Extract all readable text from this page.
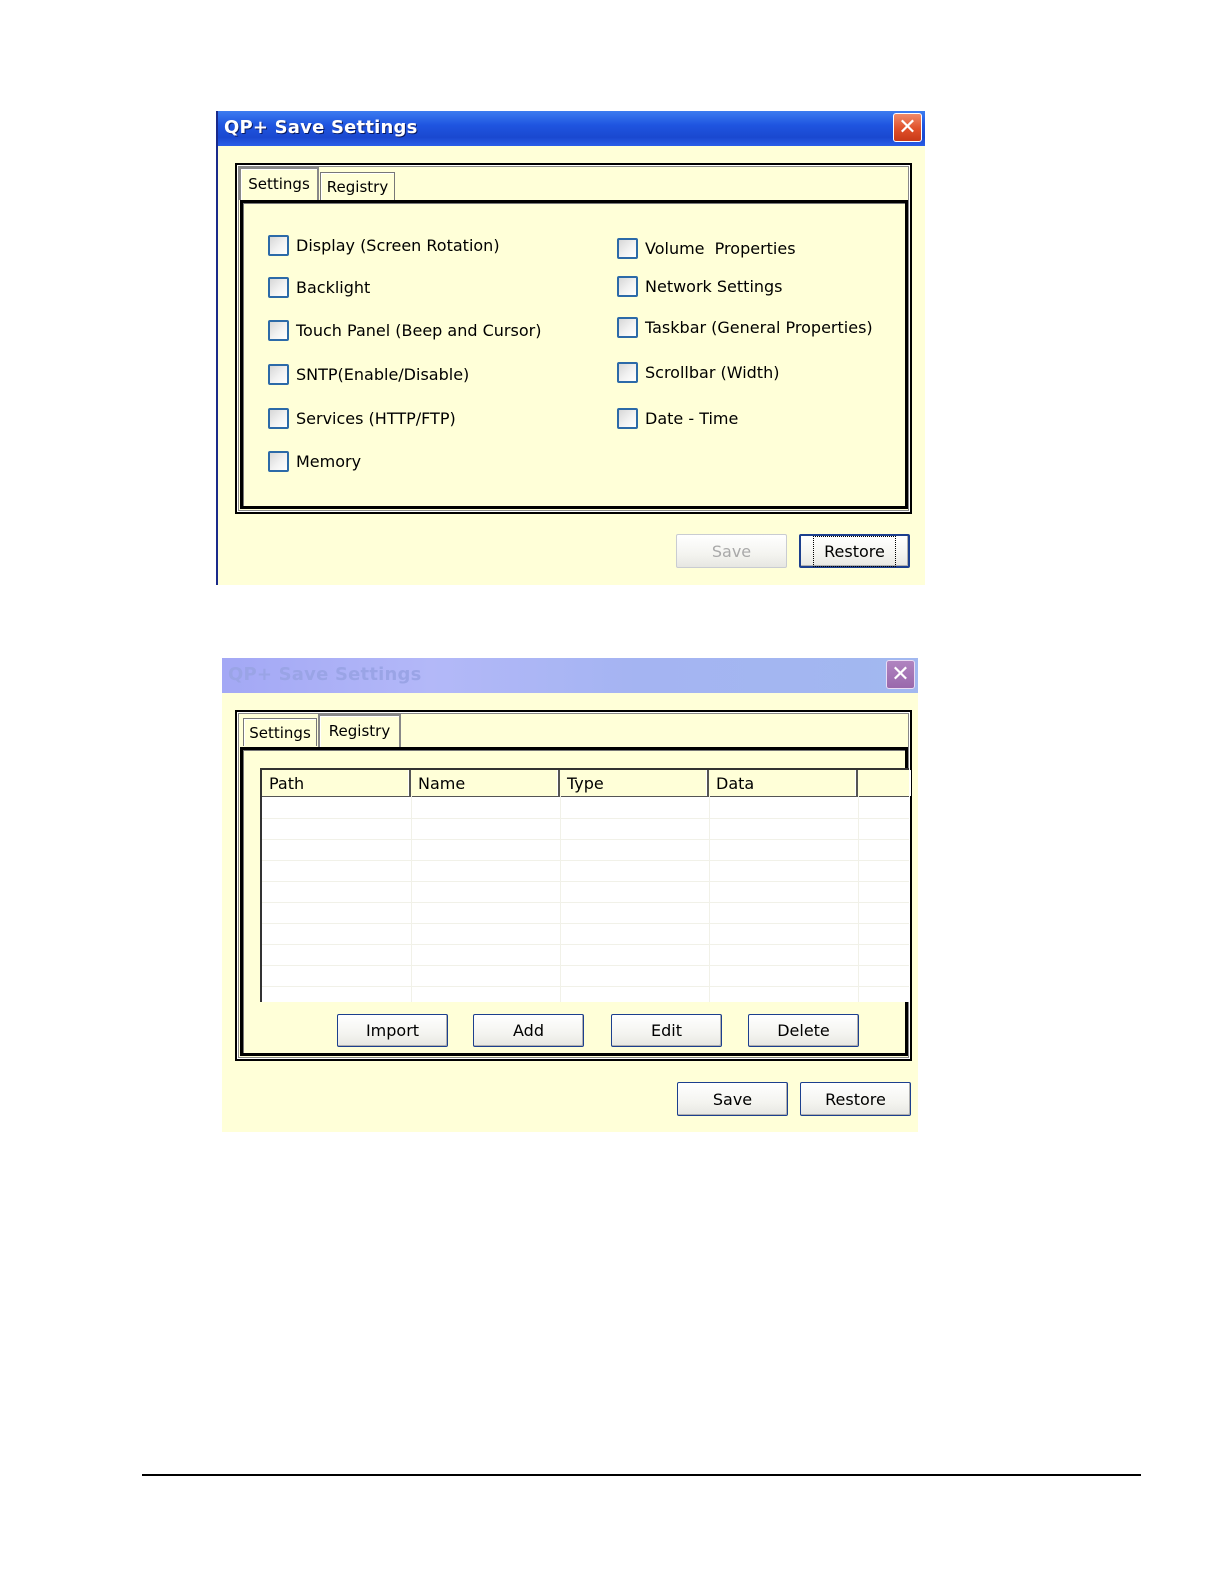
QP+ Save Settings	✕
Settings	Registry
Display (Screen Rotation)
Backlight
Touch Panel (Beep and Cursor)
SNTP(Enable/Disable)
Services (HTTP/FTP)
Memory
Volume  Properties
Network Settings
Taskbar (General Properties)
Scrollbar (Width)
Date - Time
Save	Restore
QP+ Save Settings	✕
Settings	Registry
Path	Name	Type	Data
Import	Add	Edit	Delete
Save	Restore
